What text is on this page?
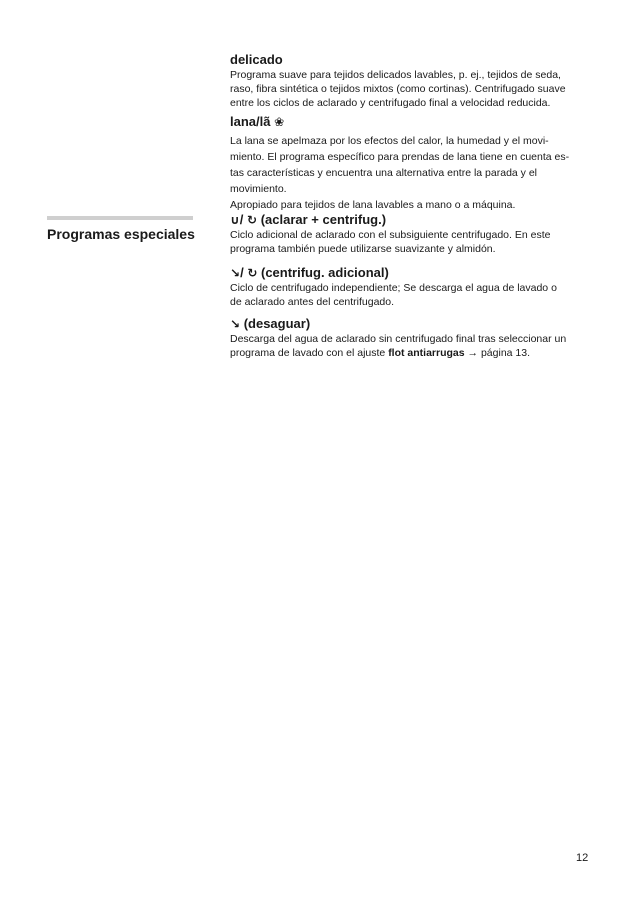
Programas especiales

delicado

Programa suave para tejidos delicados lavables, p. ej., tejidos de seda,
raso, fibra sintética o tejidos mixtos (como cortinas). Centrifugado suave
entre los ciclos de aclarado y centrifugado final a velocidad reducida.

lana/lã ❀

La lana se apelmaza por los efectos del calor, la humedad y el movi-
miento. El programa específico para prendas de lana tiene en cuenta es-
tas características y encuentra una alternativa entre la parada y el
movimiento.
Apropiado para tejidos de lana lavables a mano o a máquina.

∪/ ↻ (aclarar + centrifug.)

Ciclo adicional de aclarado con el subsiguiente centrifugado. En este
programa también puede utilizarse suavizante y almidón.

↘/ ↻ (centrifug. adicional)

Ciclo de centrifugado independiente; Se descarga el agua de lavado o
de aclarado antes del centrifugado.

↘ (desaguar)

Descarga del agua de aclarado sin centrifugado final tras seleccionar un
programa de lavado con el ajuste flot antiarrugas → página 13.

12
